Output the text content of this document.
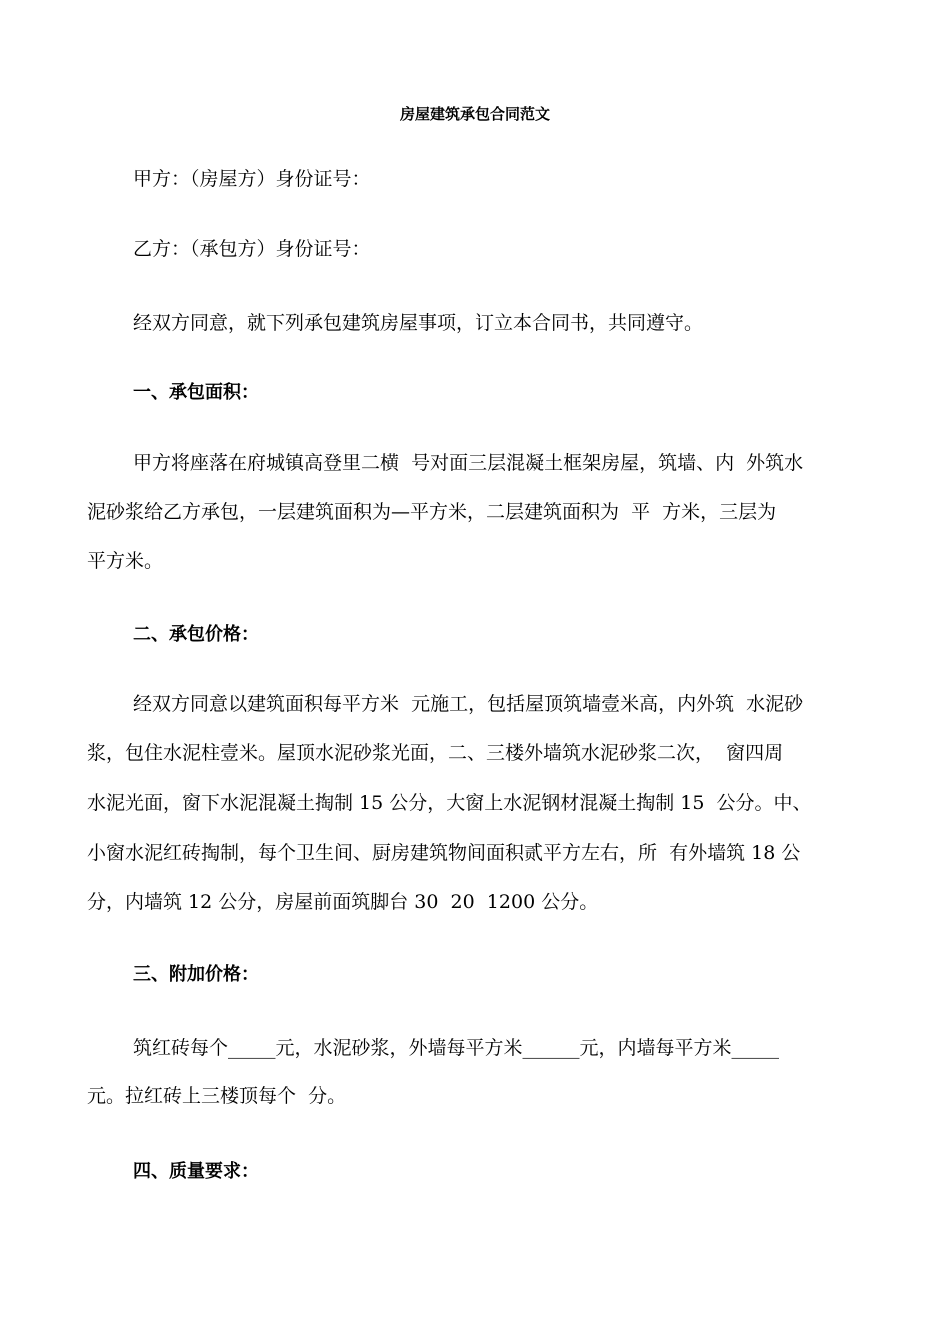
房屋建筑承包合同范文
甲方：（房屋方）身份证号：
乙方：（承包方）身份证号：
经双方同意，就下列承包建筑房屋事项，订立本合同书，共同遵守。
一、承包面积：
甲方将座落在府城镇高登里二横  号对面三层混凝土框架房屋，筑墙、内  外筑水
泥砂浆给乙方承包，一层建筑面积为—平方米，二层建筑面积为  平  方米，三层为
平方米。
二、承包价格：
经双方同意以建筑面积每平方米  元施工，包括屋顶筑墙壹米高，内外筑  水泥砂
浆，包住水泥柱壹米。屋顶水泥砂浆光面，二、三楼外墙筑水泥砂浆二次，  窗四周
水泥光面，窗下水泥混凝土掏制 15 公分，大窗上水泥钢材混凝土掏制 15  公分。中、
小窗水泥红砖掏制，每个卫生间、厨房建筑物间面积贰平方左右，所  有外墙筑 18 公
分，内墙筑 12 公分，房屋前面筑脚台 30  20  1200 公分。
三、附加价格：
筑红砖每个_____元，水泥砂浆，外墙每平方米______元，内墙每平方米_____
元。拉红砖上三楼顶每个  分。
四、质量要求：
